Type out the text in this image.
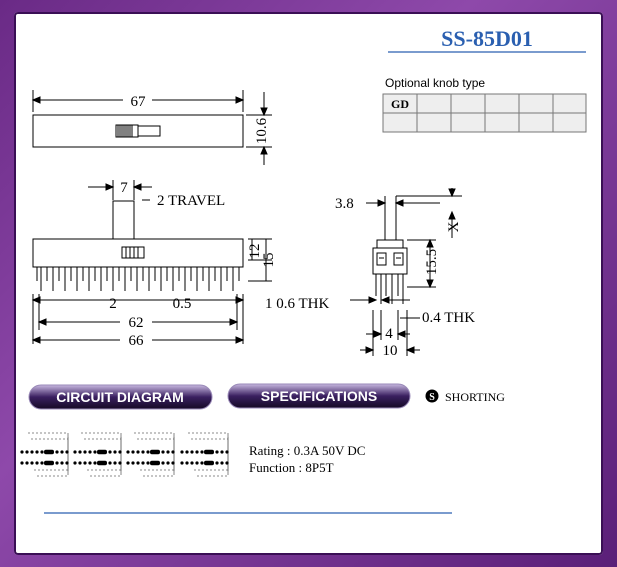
SS-85D01
Optional knob type
GD
67
10.6
7
2 TRAVEL
12
15
2	0.5	1 0.6 THK
62
66
3.8
X
15.5
0.4 THK
4
10
CIRCUIT DIAGRAM	SPECIFICATIONS	S SHORTING
Rating : 0.3A 50V DC
Function : 8P5T
